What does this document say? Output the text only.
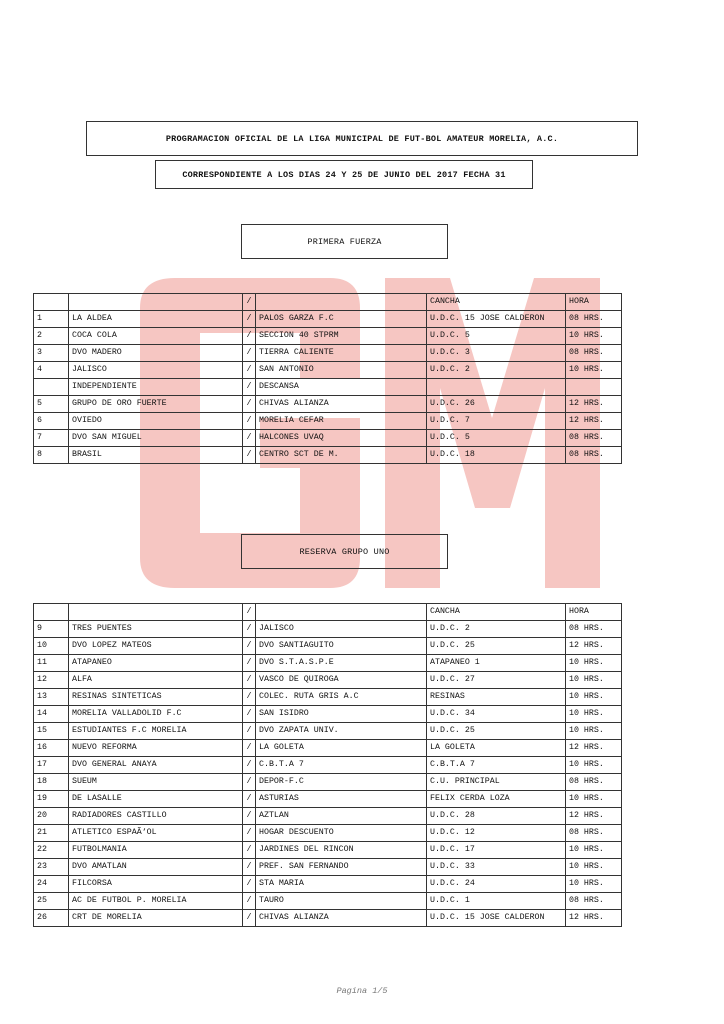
PROGRAMACION OFICIAL DE LA LIGA MUNICIPAL DE FUT-BOL AMATEUR MORELIA, A.C.
CORRESPONDIENTE A LOS DIAS 24 Y 25 DE JUNIO DEL 2017 FECHA 31
PRIMERA FUERZA
		/		CANCHA	HORA
1	LA ALDEA	/	PALOS GARZA F.C	U.D.C. 15 JOSE CALDERON	08 HRS.
2	COCA COLA	/	SECCION 40 STPRM	U.D.C. 5	10 HRS.
3	DVO MADERO	/	TIERRA CALIENTE	U.D.C. 3	08 HRS.
4	JALISCO	/	SAN ANTONIO	U.D.C. 2	10 HRS.
	INDEPENDIENTE	/	DESCANSA		
5	GRUPO DE ORO FUERTE	/	CHIVAS ALIANZA	U.D.C. 26	12 HRS.
6	OVIEDO	/	MORELIA CEFAR	U.D.C. 7	12 HRS.
7	DVO SAN MIGUEL	/	HALCONES UVAQ	U.D.C. 5	08 HRS.
8	BRASIL	/	CENTRO SCT DE M.	U.D.C. 18	08 HRS.
RESERVA GRUPO UNO
		/		CANCHA	HORA
9	TRES PUENTES	/	JALISCO	U.D.C. 2	08 HRS.
10	DVO LOPEZ MATEOS	/	DVO SANTIAGUITO	U.D.C. 25	12 HRS.
11	ATAPANEO	/	DVO S.T.A.S.P.E	ATAPANEO 1	10 HRS.
12	ALFA	/	VASCO DE QUIROGA	U.D.C. 27	10 HRS.
13	RESINAS SINTETICAS	/	COLEC. RUTA GRIS A.C	RESINAS	10 HRS.
14	MORELIA VALLADOLID F.C	/	SAN ISIDRO	U.D.C. 34	10 HRS.
15	ESTUDIANTES F.C MORELIA	/	DVO ZAPATA UNIV.	U.D.C. 25	10 HRS.
16	NUEVO REFORMA	/	LA GOLETA	LA GOLETA	12 HRS.
17	DVO GENERAL ANAYA	/	C.B.T.A 7	C.B.T.A 7	10 HRS.
18	SUEUM	/	DEPOR-F.C	C.U. PRINCIPAL	08 HRS.
19	DE LASALLE	/	ASTURIAS	FELIX CERDA LOZA	10 HRS.
20	RADIADORES CASTILLO	/	AZTLAN	U.D.C. 28	12 HRS.
21	ATLETICO ESPAÃ‘OL	/	HOGAR DESCUENTO	U.D.C. 12	08 HRS.
22	FUTBOLMANIA	/	JARDINES DEL RINCON	U.D.C. 17	10 HRS.
23	DVO AMATLAN	/	PREF. SAN FERNANDO	U.D.C. 33	10 HRS.
24	FILCORSA	/	STA MARIA	U.D.C. 24	10 HRS.
25	AC DE FUTBOL P. MORELIA	/	TAURO	U.D.C. 1	08 HRS.
26	CRT DE MORELIA	/	CHIVAS ALIANZA	U.D.C. 15 JOSE CALDERON	12 HRS.
Pagina 1/5
